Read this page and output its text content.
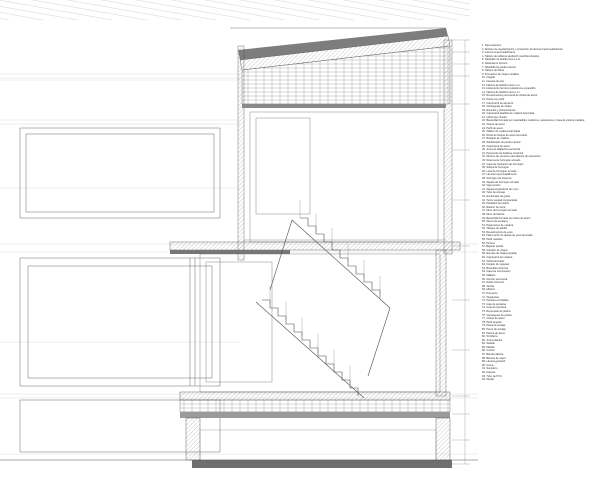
1. Teja cerámica
2. Mortero de regularización y protección de lámina impermeabilizante
3. Lámina impermeabilizante
4. Tablero de tableros sándwich machihembrados
5. Tabiquillo de ladrillo hueco L.H.
6. Aislamiento térmico
7. Albardilla de piedra natural
8. Tablero de fibras
9. Formación de chapa metálica
10. Forjado
11. Cámara de aire
12. Fábrica de ladrillo hueco L.H.
13. Aislamiento térmico poliestireno expandido
14. Fábrica de ladrillo hueco L.H.
15. Revestimiento perimetral de chapa de acero
16. Dintel con perfil
17. Carpintería de aluminio
18. Vierteaguas de chapa
19. Enlucido y pintura blanca
20. Carpintería abatible de madera barnizada
21. Vidrio tipo climalit
22. Barandilla formada por cuadradillos metálicos, pasamanos y basa de pletina metálica
23. Tirante de acero
24. Perfil de acero
25. Tablero de madera barnizada
26. Dintel de bloque de acero laminado
27. Rodapié de madera
28. Peldañeado de piedra natural
29. Carpintería de acero
30. Junta de dilatación perimetral
31. Pavimento de baldosa cerámica
32. Mortero de cemento para fijación de pavimento
33. Sistema de hormigón armado
34. Capa de nivelación de hormigón
35. Solera de hormigón
36. Losa de hormigón armado
37. Lámina impermeabilizante
38. Hormigón de limpieza
39. Zapata de hormigón armado
40. Viga zuncho
41. Zapata longitudinal de muro
42. Tubo de drenaje
43. Encachado de grava
44. Tierra vegetal compactada
45. Peldaños de piedra
46. Relleno de tierra
47. Muro de hormigón armado
48. Muro de fábrica
49. Barandilla formada por tubos de acero
50. Zanca de escalera
51. Pasamanos de madera
52. Tabique de ladrillo
53. Revestimiento de yeso
54. Falso techo de placas de yeso laminado
55. Perfil metálico
56. Pintura
57. Bajante pluvial
58. Canalón de chapa
59. Remate de chapa plegada
60. Carpintería de madera
61. Vidrio laminado
62. Forjado de viguetas
63. Bovedilla cerámica
64. Capa de compresión
65. Mallazo
66. Zuncho perimetral
67. Dintel cerámico
68. Jamba
69. Alféizar
70. Premarco
71. Tapajuntas
72. Persiana enrollable
73. Caja de persiana
74. Guía de persiana
75. Recercado de piedra
76. Vierteaguas de piedra
77. Chapa de acero
78. Perfil angular
79. Placa de anclaje
80. Perno de anclaje
81. Pletina de acero
82. Tornillería
83. Junta elástica
84. Sellado
85. Masilla
86. Cordón
87. Banda elástica
88. Barrera de vapor
89. Lámina geotextil
90. Grava
91. Sumidero
92. Arqueta
93. Tubo de PVC
94. Zócalo
